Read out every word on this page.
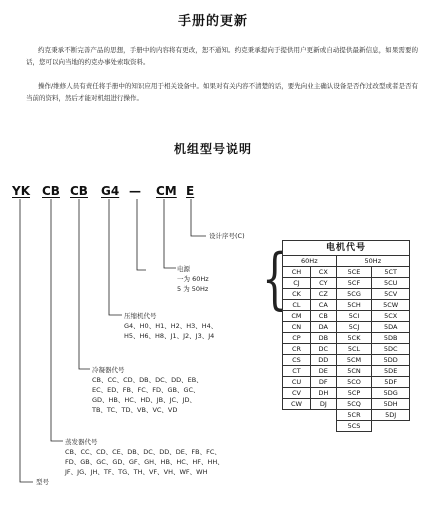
手册的更新
约克秉承不断完善产品的思想，手册中的内容将有更改，恕不通知。约克秉承提向于提供用户更新或自动提供最新信息，如果需要的话，您可以向当地的约克办事处索取资料。
操作/维修人员有责任将手册中的知识应用于相关设备中。如果对有关内容不清楚的话，要先向业主确认设备是否作过改型或者是否有当前的资料，然后才能对机组进行操作。
机组型号说明
YK CB CB G4 — CM E
设计序号(C)
电源
一为 60Hz
5 为 50Hz
压缩机代号
G4、H0、H1、H2、H3、H4、
H5、H6、H8、J1、J2、J3、J4
冷凝器代号
CB、CC、CD、DB、DC、DD、EB、
EC、ED、FB、FC、FD、GB、GC、
GD、HB、HC、HD、JB、JC、JD、
TB、TC、TD、VB、VC、VD
蒸发器代号
CB、CC、CD、CE、DB、DC、DD、DE、FB、FC、
FD、GB、GC、GD、GF、GH、HB、HC、HF、HH、
JF、JG、JH、TF、TG、TH、VF、VH、WF、WH
型号
{	电机代号			
60Hz		50Hz	
CH	CX	5CE	5CT
CJ	CY	5CF	5CU
CK	CZ	5CG	5CV
CL	CA	5CH	5CW
CM	CB	5CI	5CX
CN	DA	5CJ	5DA
CP	DB	5CK	5DB
CR	DC	5CL	5DC
CS	DD	5CM	5DD
CT	DE	5CN	5DE
CU	DF	5CO	5DF
CV	DH	5CP	5DG
CW	DJ	5CQ	5DH
		5CR	5DJ
		5CS	
